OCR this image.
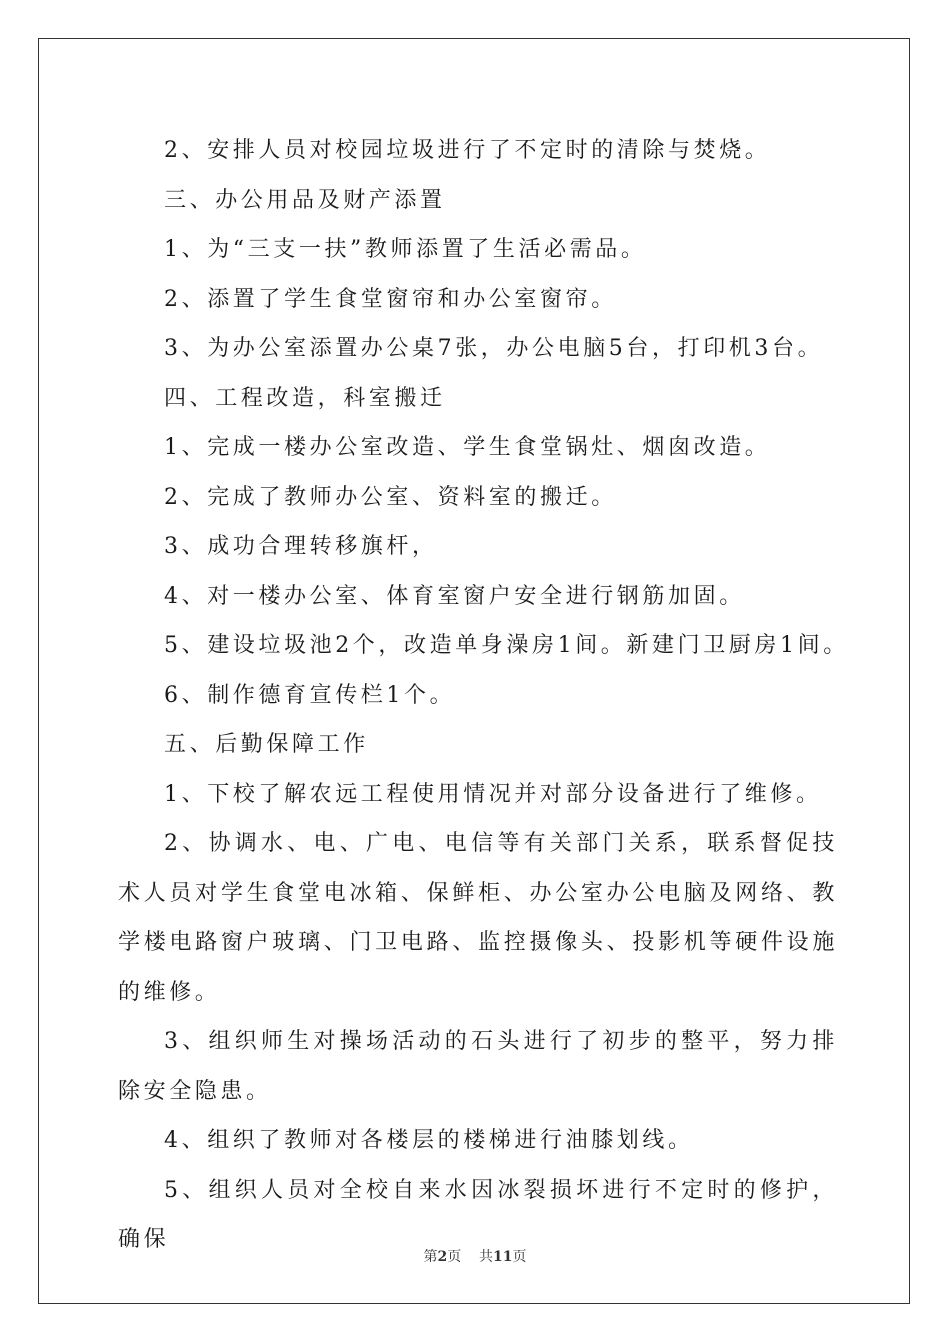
2、安排人员对校园垃圾进行了不定时的清除与焚烧。
三、办公用品及财产添置
1、为“三支一扶”教师添置了生活必需品。
2、添置了学生食堂窗帘和办公室窗帘。
3、为办公室添置办公桌7张，办公电脑5台，打印机3台。
四、工程改造，科室搬迁
1、完成一楼办公室改造、学生食堂锅灶、烟囱改造。
2、完成了教师办公室、资料室的搬迁。
3、成功合理转移旗杆，
4、对一楼办公室、体育室窗户安全进行钢筋加固。
5、建设垃圾池2个，改造单身澡房1间。新建门卫厨房1间。
6、制作德育宣传栏1个。
五、后勤保障工作
1、下校了解农远工程使用情况并对部分设备进行了维修。
2、协调水、电、广电、电信等有关部门关系，联系督促技术人员对学生食堂电冰箱、保鲜柜、办公室办公电脑及网络、教学楼电路窗户玻璃、门卫电路、监控摄像头、投影机等硬件设施的维修。
3、组织师生对操场活动的石头进行了初步的整平，努力排除安全隐患。
4、组织了教师对各楼层的楼梯进行油膝划线。
5、组织人员对全校自来水因冰裂损坏进行不定时的修护，确保
第2页 共11页
